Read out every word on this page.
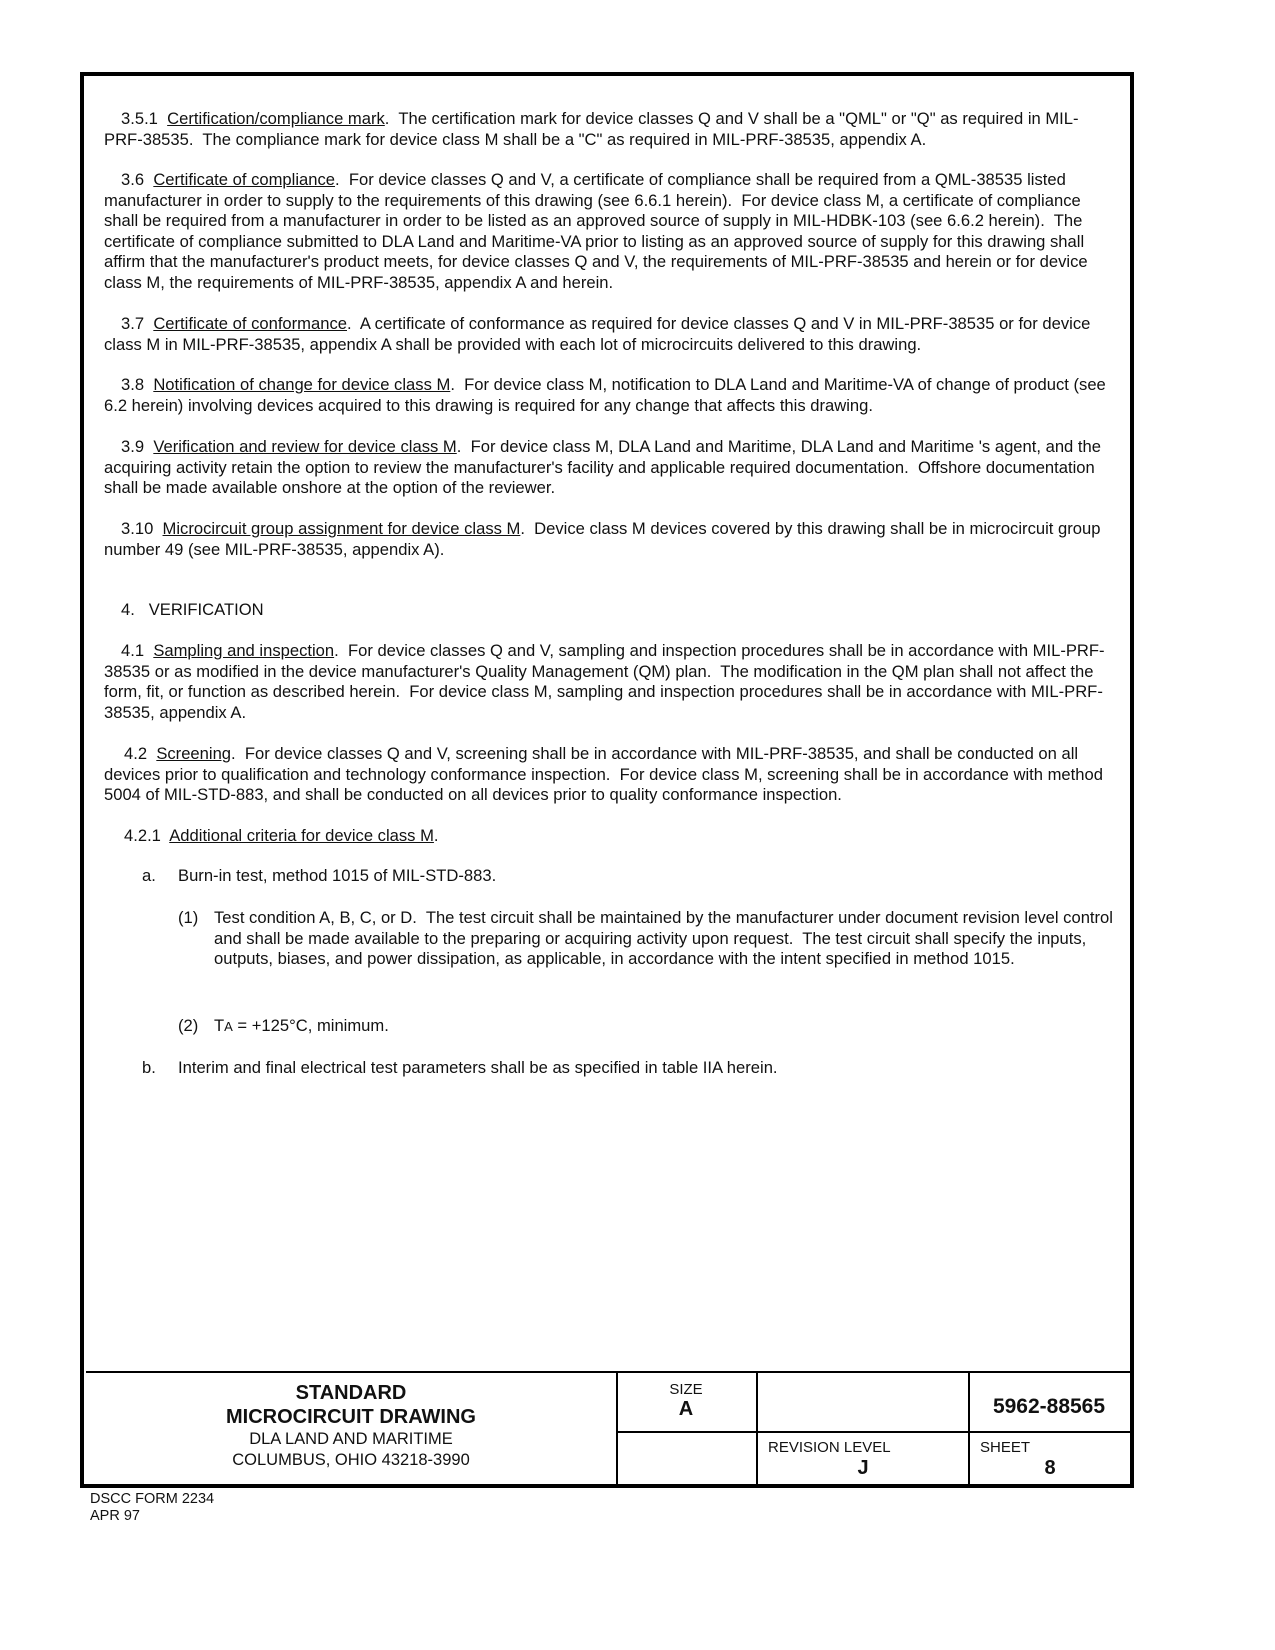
3.5.1 Certification/compliance mark.  The certification mark for device classes Q and V shall be a "QML" or "Q" as required in MIL-PRF-38535.  The compliance mark for device class M shall be a "C" as required in MIL-PRF-38535, appendix A.
3.6 Certificate of compliance.  For device classes Q and V, a certificate of compliance shall be required from a QML-38535 listed manufacturer in order to supply to the requirements of this drawing (see 6.6.1 herein).  For device class M, a certificate of compliance shall be required from a manufacturer in order to be listed as an approved source of supply in MIL-HDBK-103 (see 6.6.2 herein).  The certificate of compliance submitted to DLA Land and Maritime-VA prior to listing as an approved source of supply for this drawing shall affirm that the manufacturer's product meets, for device classes Q and V, the requirements of MIL-PRF-38535 and herein or for device class M, the requirements of MIL-PRF-38535, appendix A and herein.
3.7 Certificate of conformance.  A certificate of conformance as required for device classes Q and V in MIL-PRF-38535 or for device class M in MIL-PRF-38535, appendix A shall be provided with each lot of microcircuits delivered to this drawing.
3.8 Notification of change for device class M.  For device class M, notification to DLA Land and Maritime-VA of change of product (see 6.2 herein) involving devices acquired to this drawing is required for any change that affects this drawing.
3.9 Verification and review for device class M.  For device class M, DLA Land and Maritime, DLA Land and Maritime 's agent, and the acquiring activity retain the option to review the manufacturer's facility and applicable required documentation.  Offshore documentation shall be made available onshore at the option of the reviewer.
3.10 Microcircuit group assignment for device class M.  Device class M devices covered by this drawing shall be in microcircuit group number 49 (see MIL-PRF-38535, appendix A).
4.   VERIFICATION
4.1 Sampling and inspection.  For device classes Q and V, sampling and inspection procedures shall be in accordance with MIL-PRF-38535 or as modified in the device manufacturer's Quality Management (QM) plan.  The modification in the QM plan shall not affect the form, fit, or function as described herein.  For device class M, sampling and inspection procedures shall be in accordance with MIL-PRF-38535, appendix A.
4.2 Screening.  For device classes Q and V, screening shall be in accordance with MIL-PRF-38535, and shall be conducted on all devices prior to qualification and technology conformance inspection.  For device class M, screening shall be in accordance with method 5004 of MIL-STD-883, and shall be conducted on all devices prior to quality conformance inspection.
4.2.1 Additional criteria for device class M.
a. Burn-in test, method 1015 of MIL-STD-883.
(1) Test condition A, B, C, or D.  The test circuit shall be maintained by the manufacturer under document revision level control and shall be made available to the preparing or acquiring activity upon request.  The test circuit shall specify the inputs, outputs, biases, and power dissipation, as applicable, in accordance with the intent specified in method 1015.
(2) TA = +125°C, minimum.
b. Interim and final electrical test parameters shall be as specified in table IIA herein.
STANDARD
MICROCIRCUIT DRAWING
DLA LAND AND MARITIME
COLUMBUS, OHIO 43218-3990
SIZE
A	5962-88565
REVISION LEVEL
J
SHEET
8
DSCC FORM 2234
APR 97
